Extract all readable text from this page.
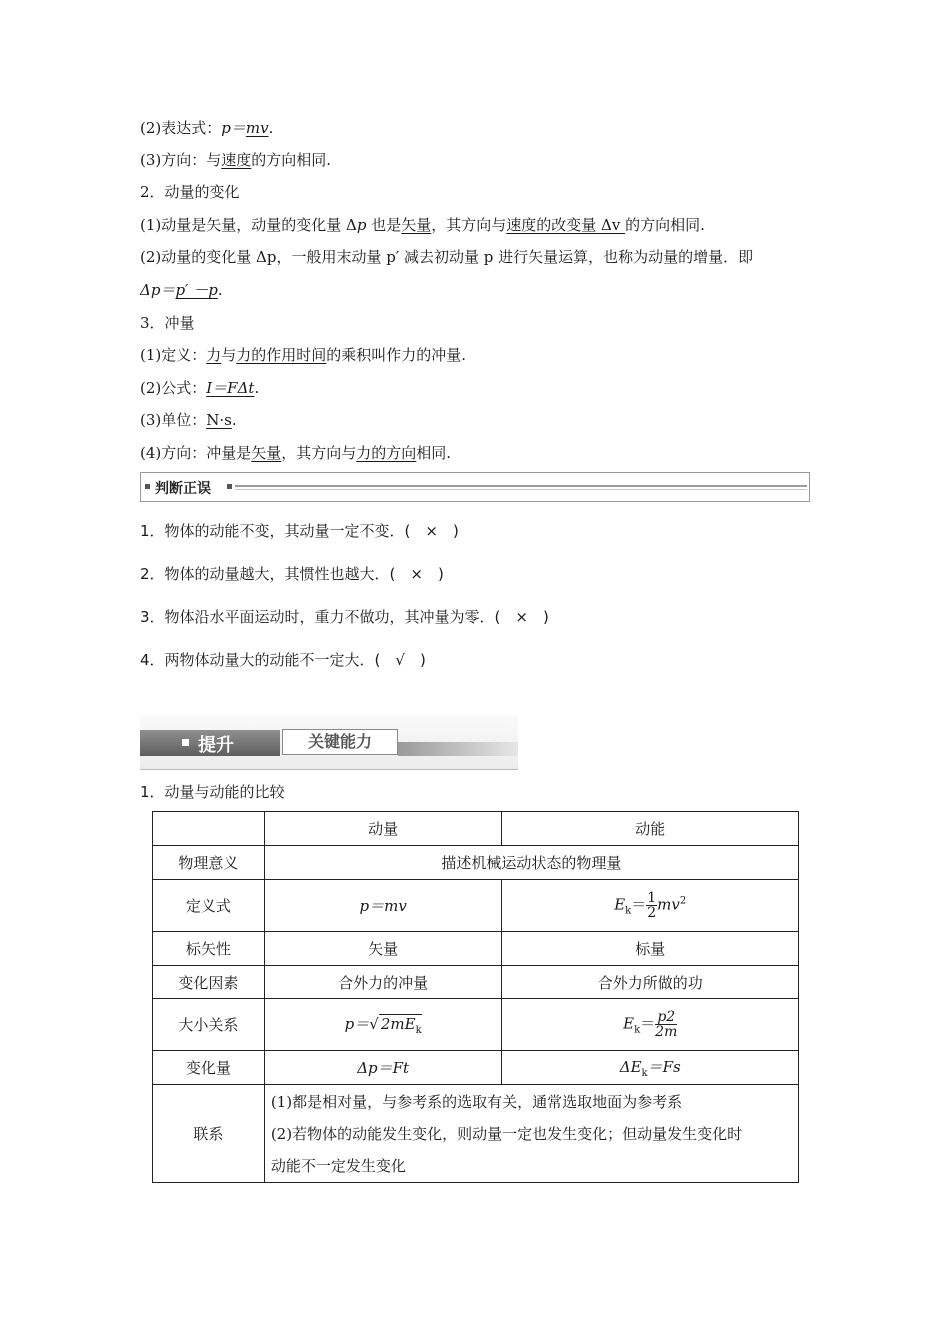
(2)表达式：p＝mv.
(3)方向：与速度的方向相同.
2．动量的变化
(1)动量是矢量，动量的变化量 Δp 也是矢量，其方向与速度的改变量 Δv 的方向相同.
(2)动量的变化量 Δp，一般用末动量 p′ 减去初动量 p 进行矢量运算，也称为动量的增量．即
Δp＝p′ －p.
3．冲量
(1)定义：力与力的作用时间的乘积叫作力的冲量.
(2)公式：I＝FΔt.
(3)单位：N·s.
(4)方向：冲量是矢量，其方向与力的方向相同.
判断正误
1．物体的动能不变，其动量一定不变．(　×　)
2．物体的动量越大，其惯性也越大．(　×　)
3．物体沿水平面运动时，重力不做功，其冲量为零．(　×　)
4．两物体动量大的动能不一定大．(　√　)
提升	关键能力
1．动量与动能的比较
	动量	动能
物理意义	描述机械运动状态的物理量	
定义式	p＝mv	$E_k= \frac{1}{2} mv^2$
标矢性	矢量	标量
变化因素	合外力的冲量	合外力所做的功
大小关系	p＝√ $2mE_k$	$E_k= \frac{p2}{2m}$

变化量	Δp＝Ft	$\Delta E_k=Fs$
联系	(1)都是相对量，与参考系的选取有关，通常选取地面为参考系
(2)若物体的动能发生变化，则动量一定也发生变化；但动量发生变化时
动能不一定发生变化	
